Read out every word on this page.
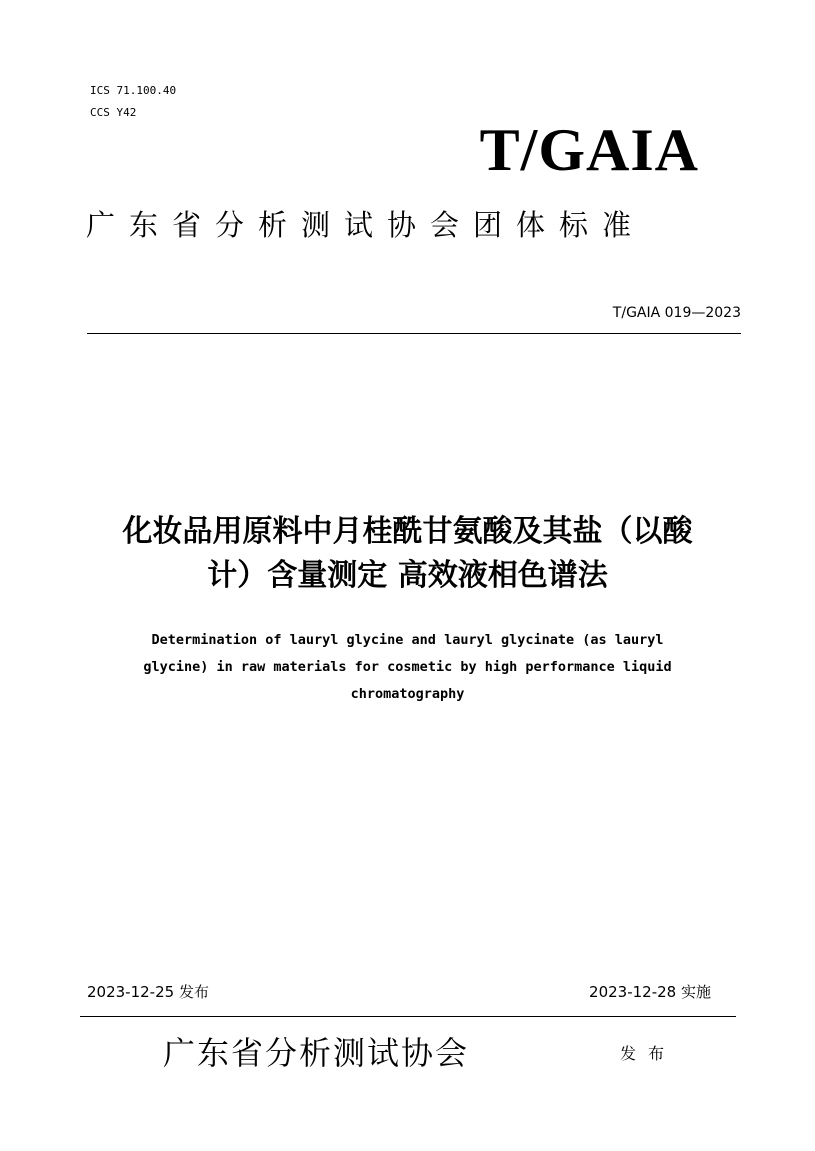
ICS 71.100.40
CCS Y42
T/GAIA
广东省分析测试协会团体标准
T/GAIA 019—2023
化妆品用原料中月桂酰甘氨酸及其盐（以酸
计）含量测定 高效液相色谱法
Determination of lauryl glycine and lauryl glycinate (as lauryl
glycine) in raw materials for cosmetic by high performance liquid
chromatography
2023-12-25 发布	2023-12-28 实施
广东省分析测试协会	发布
